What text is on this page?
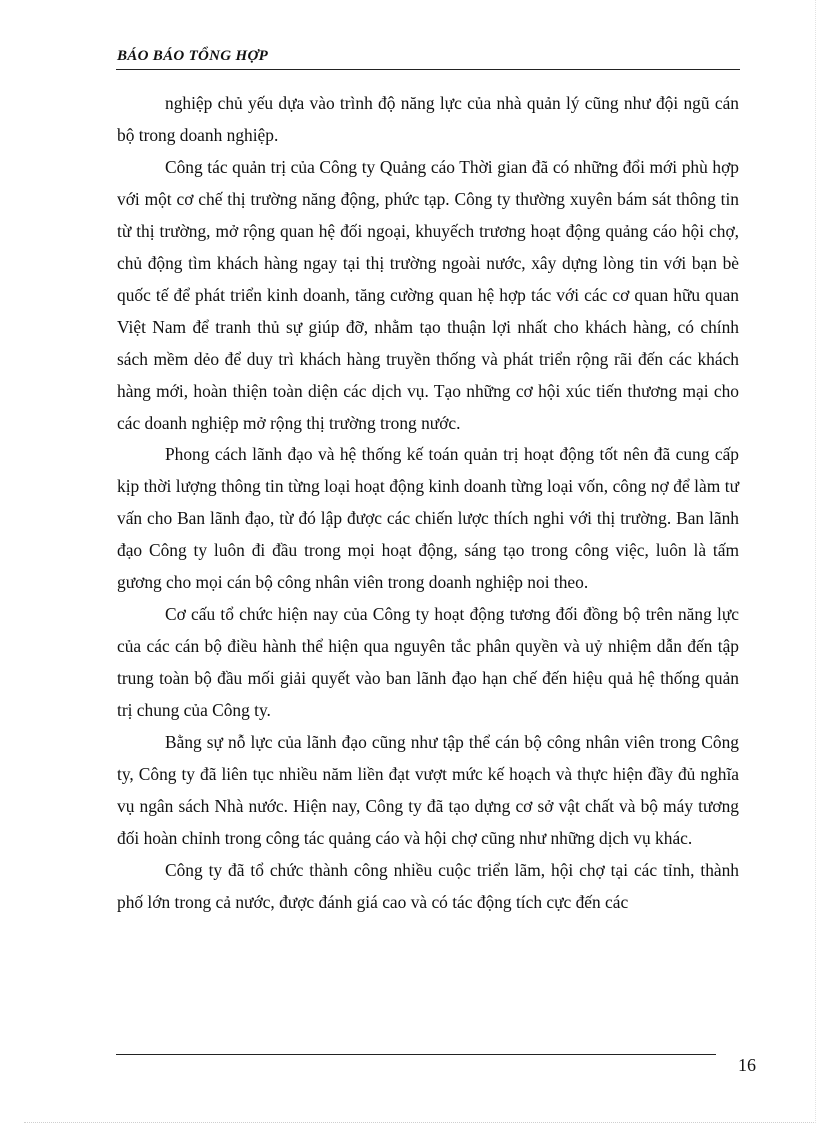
BÁO BÁO TỔNG HỢP

nghiệp chủ yếu dựa vào trình độ năng lực của nhà quản lý cũng như đội ngũ cán bộ trong doanh nghiệp.

Công tác quản trị của Công ty Quảng cáo Thời gian đã có những đổi mới phù hợp với một cơ chế thị trường năng động, phức tạp. Công ty thường xuyên bám sát thông tin từ thị trường, mở rộng quan hệ đối ngoại, khuyếch trương hoạt động quảng cáo hội chợ, chủ động tìm khách hàng ngay tại thị trường ngoài nước, xây dựng lòng tin với bạn bè quốc tế để phát triển kinh doanh, tăng cường quan hệ hợp tác với các cơ quan hữu quan Việt Nam để tranh thủ sự giúp đỡ, nhằm tạo thuận lợi nhất cho khách hàng, có chính sách mềm dẻo để duy trì khách hàng truyền thống và phát triển rộng rãi đến các khách hàng mới, hoàn thiện toàn diện các dịch vụ. Tạo những cơ hội xúc tiến thương mại cho các doanh nghiệp mở rộng thị trường trong nước.

Phong cách lãnh đạo và hệ thống kế toán quản trị hoạt động tốt nên đã cung cấp kịp thời lượng thông tin từng loại hoạt động kinh doanh từng loại vốn, công nợ để làm tư vấn cho Ban lãnh đạo, từ đó lập được các chiến lược thích nghi với thị trường. Ban lãnh đạo Công ty luôn đi đầu trong mọi hoạt động, sáng tạo trong công việc, luôn là tấm gương cho mọi cán bộ công nhân viên trong doanh nghiệp noi theo.

Cơ cấu tổ chức hiện nay của Công ty hoạt động tương đối đồng bộ trên năng lực của các cán bộ điều hành thể hiện qua nguyên tắc phân quyền và uỷ nhiệm dẫn đến tập trung toàn bộ đầu mối giải quyết vào ban lãnh đạo hạn chế đến hiệu quả hệ thống quản trị chung của Công ty.

Bằng sự nỗ lực của lãnh đạo cũng như tập thể cán bộ công nhân viên trong Công ty, Công ty đã liên tục nhiều năm liền đạt vượt mức kế hoạch và thực hiện đầy đủ nghĩa vụ ngân sách Nhà nước. Hiện nay, Công ty đã tạo dựng cơ sở vật chất và bộ máy tương đối hoàn chỉnh trong công tác quảng cáo và hội chợ cũng như những dịch vụ khác.

Công ty đã tổ chức thành công nhiều cuộc triển lãm, hội chợ tại các tỉnh, thành phố lớn trong cả nước, được đánh giá cao và có tác động tích cực đến các

16
